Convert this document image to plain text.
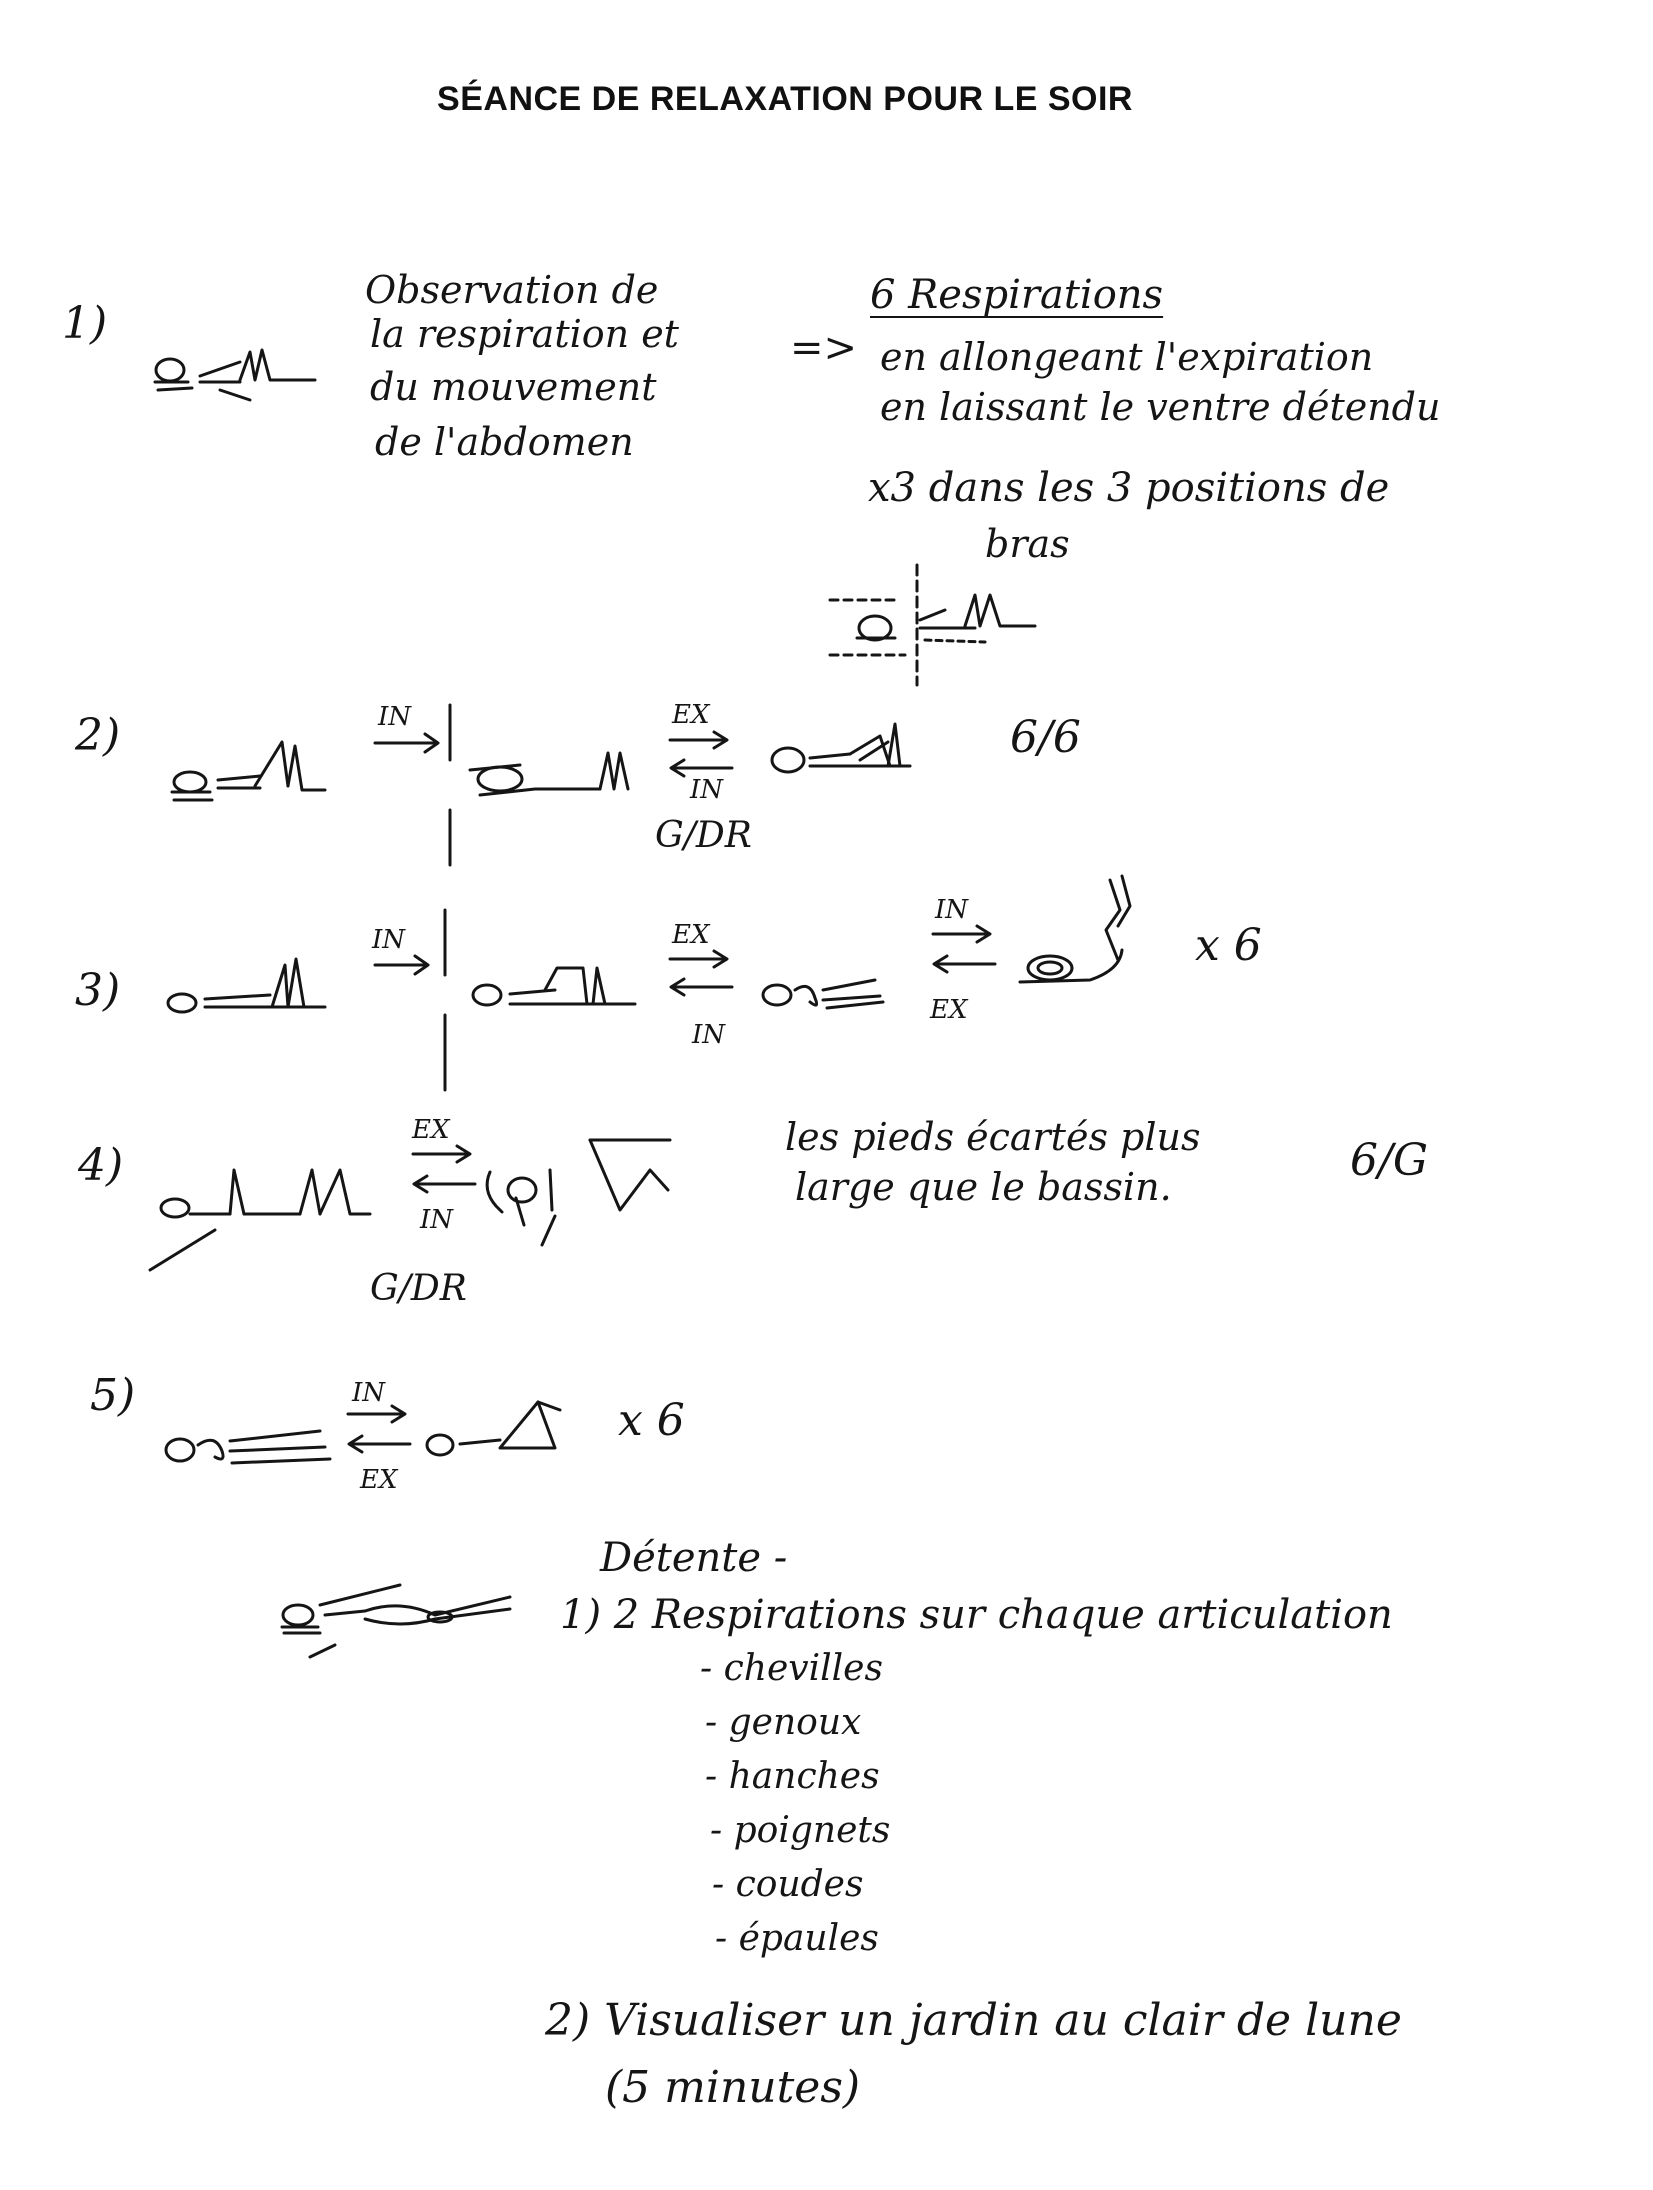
SÉANCE DE RELAXATION POUR LE SOIR
1)
Observation de
la respiration et
du mouvement
de l'abdomen
=>
6 Respirations
en allongeant l'expiration
en laissant le ventre détendu
x3 dans les 3 positions de
bras
2)	IN	EX
IN
G/DR
6/6
3)
IN	EX
IN
IN
EX
x 6
4)
EX
IN
G/DR
les pieds écartés plus
large que le bassin.
6/G
5)	IN
EX
x 6
Détente -
1) 2 Respirations sur chaque articulation
- chevilles
- genoux
- hanches
- poignets
- coudes
- épaules
2) Visualiser un jardin au clair de lune
(5 minutes)
